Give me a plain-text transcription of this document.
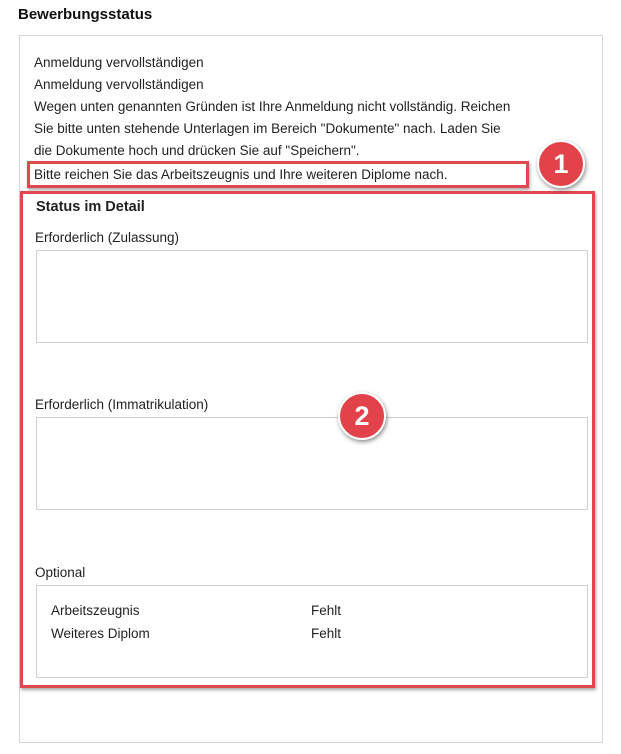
Bewerbungsstatus
Anmeldung vervollständigen
Anmeldung vervollständigen
Wegen unten genannten Gründen ist Ihre Anmeldung nicht vollständig. Reichen
Sie bitte unten stehende Unterlagen im Bereich "Dokumente" nach. Laden Sie
die Dokumente hoch und drücken Sie auf "Speichern".
Bitte reichen Sie das Arbeitszeugnis und Ihre weiteren Diplome nach.
Status im Detail
Erforderlich (Zulassung)
Erforderlich (Immatrikulation)
Optional
Arbeitszeugnis	Fehlt
Weiteres Diplom	Fehlt
1
2
